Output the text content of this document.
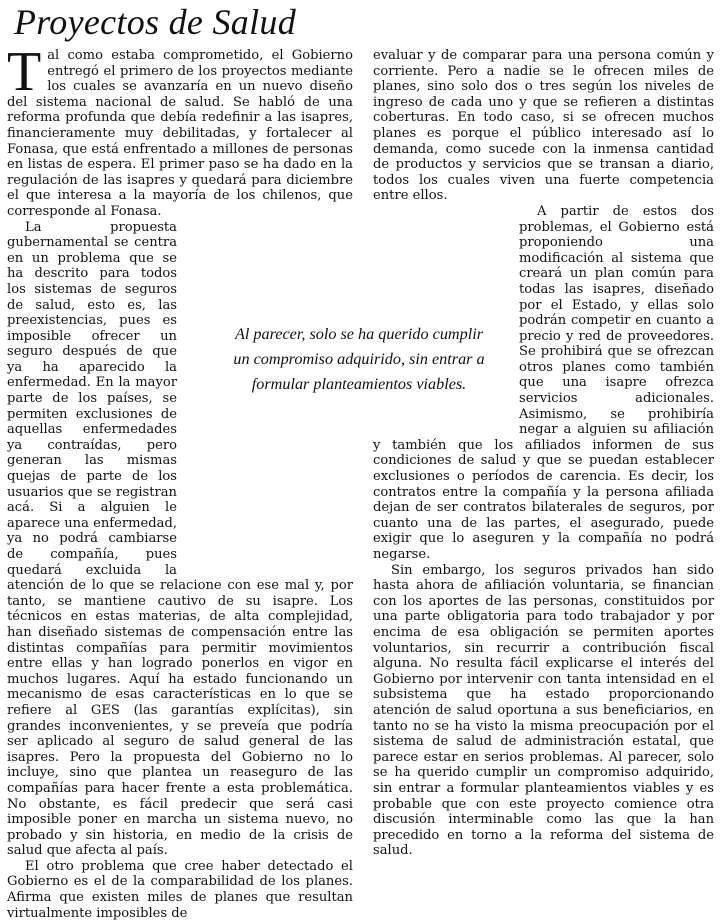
Proyectos de Salud

Tal como estaba comprometido, el Gobierno entregó el primero de los proyectos mediante los cuales se avanzaría en un nuevo diseño del sistema nacional de salud. Se habló de una reforma profunda que debía redefinir a las isapres, financieramente muy debilitadas, y fortalecer al Fonasa, que está enfrentado a millones de personas en listas de espera. El primer paso se ha dado en la regulación de las isapres y quedará para diciembre el que interesa a la mayoría de los chilenos, que corresponde al Fonasa.

La propuesta gubernamental se centra en un problema que se ha descrito para todos los sistemas de seguros de salud, esto es, las preexistencias, pues es imposible ofrecer un seguro después de que ya ha aparecido la enfermedad. En la mayor parte de los países, se permiten exclusiones de aquellas enfermedades ya contraídas, pero generan las mismas quejas de parte de los usuarios que se registran acá. Si a alguien le aparece una enfermedad, ya no podrá cambiarse de compañía, pues quedará excluida la atención de lo que se relacione con ese mal y, por tanto, se mantiene cautivo de su isapre. Los técnicos en estas materias, de alta complejidad, han diseñado sistemas de compensación entre las distintas compañías para permitir movimientos entre ellas y han logrado ponerlos en vigor en muchos lugares. Aquí ha estado funcionando un mecanismo de esas características en lo que se refiere al GES (las garantías explícitas), sin grandes inconvenientes, y se preveía que podría ser aplicado al seguro de salud general de las isapres. Pero la propuesta del Gobierno no lo incluye, sino que plantea un reaseguro de las compañías para hacer frente a esta problemática. No obstante, es fácil predecir que será casi imposible poner en marcha un sistema nuevo, no probado y sin historia, en medio de la crisis de salud que afecta al país.

El otro problema que cree haber detectado el Gobierno es el de la comparabilidad de los planes. Afirma que existen miles de planes que resultan virtualmente imposibles de

evaluar y de comparar para una persona común y corriente. Pero a nadie se le ofrecen miles de planes, sino solo dos o tres según los niveles de ingreso de cada uno y que se refieren a distintas coberturas. En todo caso, si se ofrecen muchos planes es porque el público interesado así lo demanda, como sucede con la inmensa cantidad de productos y servicios que se transan a diario, todos los cuales viven una fuerte competencia entre ellos.

A partir de estos dos problemas, el Gobierno está proponiendo una modificación al sistema que creará un plan común para todas las isapres, diseñado por el Estado, y ellas solo podrán competir en cuanto a precio y red de proveedores. Se prohibirá que se ofrezcan otros planes como también que una isapre ofrezca servicios adicionales. Asimismo, se prohibiría negar a alguien su afiliación y también que los afiliados informen de sus condiciones de salud y que se puedan establecer exclusiones o períodos de carencia. Es decir, los contratos entre la compañía y la persona afiliada dejan de ser contratos bilaterales de seguros, por cuanto una de las partes, el asegurado, puede exigir que lo aseguren y la compañía no podrá negarse.

Sin embargo, los seguros privados han sido hasta ahora de afiliación voluntaria, se financian con los aportes de las personas, constituidos por una parte obligatoria para todo trabajador y por encima de esa obligación se permiten aportes voluntarios, sin recurrir a contribución fiscal alguna. No resulta fácil explicarse el interés del Gobierno por intervenir con tanta intensidad en el subsistema que ha estado proporcionando atención de salud oportuna a sus beneficiarios, en tanto no se ha visto la misma preocupación por el sistema de salud de administración estatal, que parece estar en serios problemas. Al parecer, solo se ha querido cumplir un compromiso adquirido, sin entrar a formular planteamientos viables y es probable que con este proyecto comience otra discusión interminable como las que la han precedido en torno a la reforma del sistema de salud.

Al parecer, solo se ha querido cumplir un compromiso adquirido, sin entrar a formular planteamientos viables.
